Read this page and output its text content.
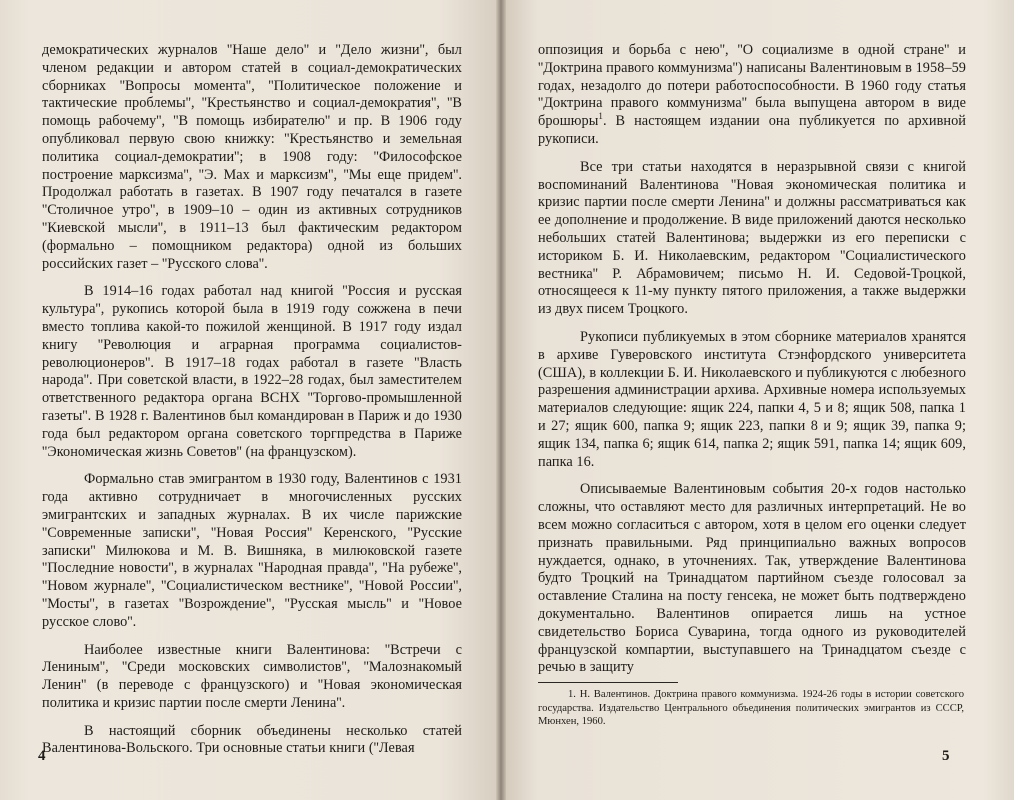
демократических журналов ''Наше дело'' и ''Дело жизни'', был членом редакции и автором статей в социал-демократических сборниках ''Вопросы момента'', ''Политическое положение и тактические проблемы'', ''Крестьянство и социал-демократия'', ''В помощь рабочему'', ''В помощь избирателю'' и пр. В 1906 году опубликовал первую свою книжку: ''Крестьянство и земельная политика социал-демократии''; в 1908 году: ''Философское построение марксизма'', ''Э. Мах и марксизм'', ''Мы еще придем''. Продолжал работать в газетах. В 1907 году печатался в газете ''Столичное утро'', в 1909–10 – один из активных сотрудников ''Киевской мысли'', в 1911–13 был фактическим редактором (формально – помощником редактора) одной из больших российских газет – ''Русского слова''.

В 1914–16 годах работал над книгой ''Россия и русская культура'', рукопись которой была в 1919 году сожжена в печи вместо топлива какой-то пожилой женщиной. В 1917 году издал книгу ''Революция и аграрная программа социалистов-революционеров''. В 1917–18 годах работал в газете ''Власть народа''. При советской власти, в 1922–28 годах, был заместителем ответственного редактора органа ВСНХ ''Торгово-промышленной газеты''. В 1928 г. Валентинов был командирован в Париж и до 1930 года был редактором органа советского торгпредства в Париже ''Экономическая жизнь Советов'' (на французском).

Формально став эмигрантом в 1930 году, Валентинов с 1931 года активно сотрудничает в многочисленных русских эмигрантских и западных журналах. В их числе парижские ''Современные записки'', ''Новая Россия'' Керенского, ''Русские записки'' Милюкова и М. В. Вишняка, в милюковской газете ''Последние новости'', в журналах ''Народная правда'', ''На рубеже'', ''Новом журнале'', ''Социалистическом вестнике'', ''Новой России'', ''Мосты'', в газетах ''Возрождение'', ''Русская мысль'' и ''Новое русское слово''.

Наиболее известные книги Валентинова: ''Встречи с Лениным'', ''Среди московских символистов'', ''Малознакомый Ленин'' (в переводе с французского) и ''Новая экономическая политика и кризис партии после смерти Ленина''.

В настоящий сборник объединены несколько статей Валентинова-Вольского. Три основные статьи книги (''Левая

4

оппозиция и борьба с нею'', ''О социализме в одной стране'' и ''Доктрина правого коммунизма'') написаны Валентиновым в 1958–59 годах, незадолго до потери работоспособности. В 1960 году статья ''Доктрина правого коммунизма'' была выпущена автором в виде брошюры$^1$. В настоящем издании она публикуется по архивной рукописи.

Все три статьи находятся в неразрывной связи с книгой воспоминаний Валентинова ''Новая экономическая политика и кризис партии после смерти Ленина'' и должны рассматриваться как ее дополнение и продолжение. В виде приложений даются несколько небольших статей Валентинова; выдержки из его переписки с историком Б. И. Николаевским, редактором ''Социалистического вестника'' Р. Абрамовичем; письмо Н. И. Седовой-Троцкой, относящееся к 11-му пункту пятого приложения, а также выдержки из двух писем Троцкого.

Рукописи публикуемых в этом сборнике материалов хранятся в архиве Гуверовского института Стэнфордского университета (США), в коллекции Б. И. Николаевского и публикуются с любезного разрешения администрации архива. Архивные номера используемых материалов следующие: ящик 224, папки 4, 5 и 8; ящик 508, папка 1 и 27; ящик 600, папка 9; ящик 223, папки 8 и 9; ящик 39, папка 9; ящик 134, папка 6; ящик 614, папка 2; ящик 591, папка 14; ящик 609, папка 16.

Описываемые Валентиновым события 20-х годов настолько сложны, что оставляют место для различных интерпретаций. Не во всем можно согласиться с автором, хотя в целом его оценки следует признать правильными. Ряд принципиально важных вопросов нуждается, однако, в уточнениях. Так, утверждение Валентинова будто Троцкий на Тринадцатом партийном съезде голосовал за оставление Сталина на посту генсека, не может быть подтверждено документально. Валентинов опирается лишь на устное свидетельство Бориса Суварина, тогда одного из руководителей французской компартии, выступавшего на Тринадцатом съезде с речью в защиту

1. Н. Валентинов. Доктрина правого коммунизма. 1924-26 годы в истории советского государства. Издательство Центрального объединения политических эмигрантов из СССР, Мюнхен, 1960.
5
